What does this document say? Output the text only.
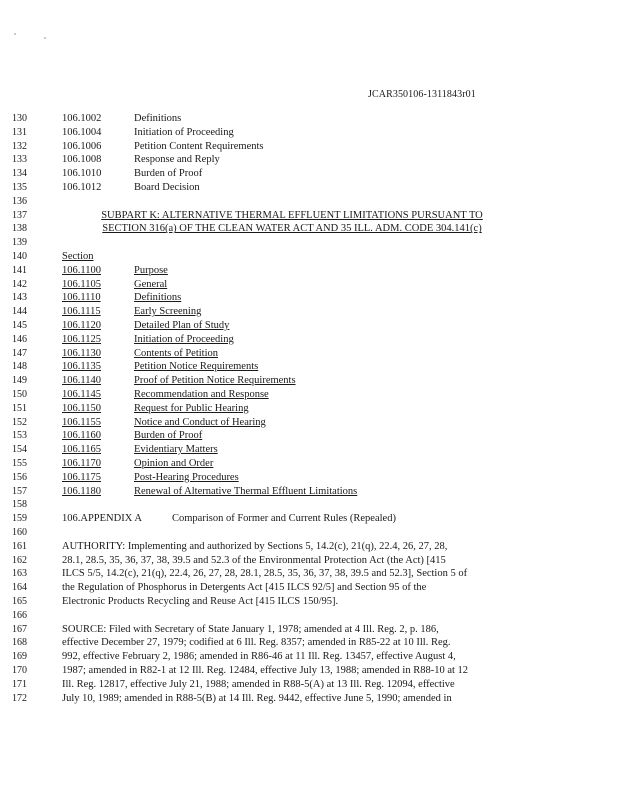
JCAR350106-1311843r01
130	106.1002	Definitions
131	106.1004	Initiation of Proceeding
132	106.1006	Petition Content Requirements
133	106.1008	Response and Reply
134	106.1010	Burden of Proof
135	106.1012	Board Decision
136
137	SUBPART K: ALTERNATIVE THERMAL EFFLUENT LIMITATIONS PURSUANT TO
138	SECTION 316(a) OF THE CLEAN WATER ACT AND 35 ILL. ADM. CODE 304.141(c)
139
140	Section
141	106.1100	Purpose
142	106.1105	General
143	106.1110	Definitions
144	106.1115	Early Screening
145	106.1120	Detailed Plan of Study
146	106.1125	Initiation of Proceeding
147	106.1130	Contents of Petition
148	106.1135	Petition Notice Requirements
149	106.1140	Proof of Petition Notice Requirements
150	106.1145	Recommendation and Response
151	106.1150	Request for Public Hearing
152	106.1155	Notice and Conduct of Hearing
153	106.1160	Burden of Proof
154	106.1165	Evidentiary Matters
155	106.1170	Opinion and Order
156	106.1175	Post-Hearing Procedures
157	106.1180	Renewal of Alternative Thermal Effluent Limitations
158
159	106.APPENDIX A	Comparison of Former and Current Rules (Repealed)
160
161	AUTHORITY: Implementing and authorized by Sections 5, 14.2(c), 21(q), 22.4, 26, 27, 28,
162	28.1, 28.5, 35, 36, 37, 38, 39.5 and 52.3 of the Environmental Protection Act (the Act) [415
163	ILCS 5/5, 14.2(c), 21(q), 22.4, 26, 27, 28, 28.1, 28.5, 35, 36, 37, 38, 39.5 and 52.3], Section 5 of
164	the Regulation of Phosphorus in Detergents Act [415 ILCS 92/5] and Section 95 of the
165	Electronic Products Recycling and Reuse Act [415 ILCS 150/95].
166
167	SOURCE: Filed with Secretary of State January 1, 1978; amended at 4 Ill. Reg. 2, p. 186,
168	effective December 27, 1979; codified at 6 Ill. Reg. 8357; amended in R85-22 at 10 Ill. Reg.
169	992, effective February 2, 1986; amended in R86-46 at 11 Ill. Reg. 13457, effective August 4,
170	1987; amended in R82-1 at 12 Ill. Reg. 12484, effective July 13, 1988; amended in R88-10 at 12
171	Ill. Reg. 12817, effective July 21, 1988; amended in R88-5(A) at 13 Ill. Reg. 12094, effective
172	July 10, 1989; amended in R88-5(B) at 14 Ill. Reg. 9442, effective June 5, 1990; amended in
